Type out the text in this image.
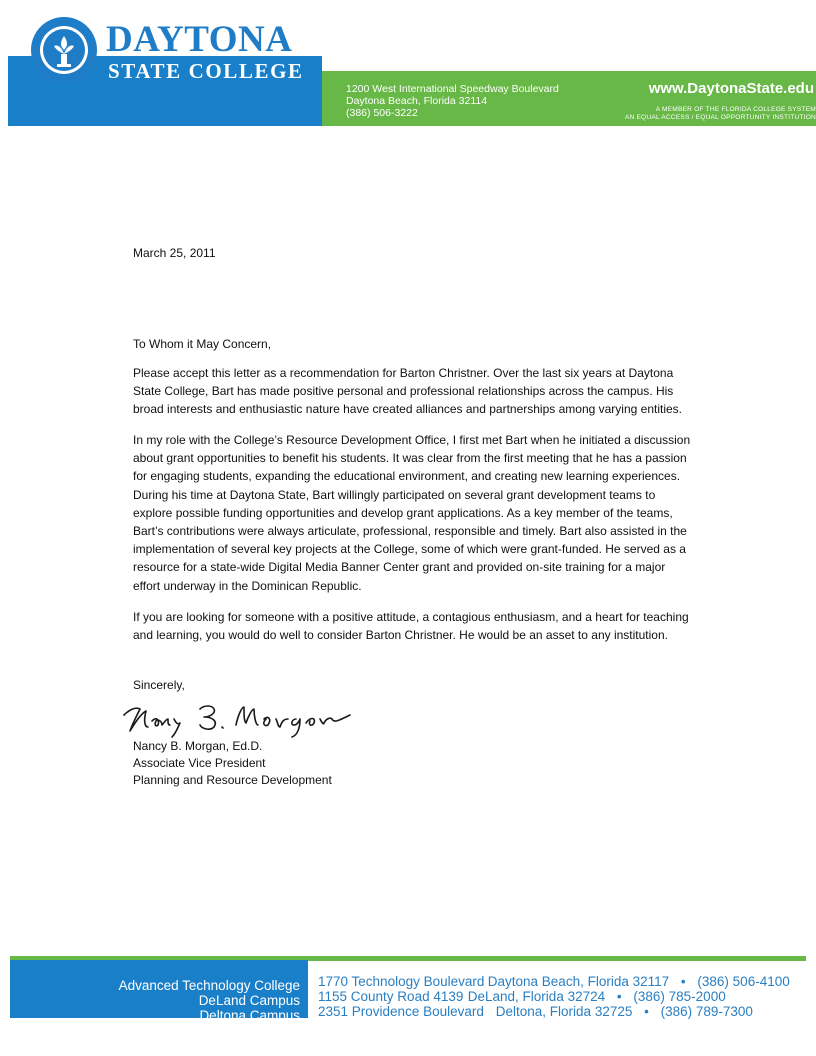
DAYTONA
STATE COLLEGE
1200 West International Speedway Boulevard
Daytona Beach, Florida 32114
(386) 506-3222
www.DaytonaState.edu
A MEMBER OF THE FLORIDA COLLEGE SYSTEM
AN EQUAL ACCESS / EQUAL OPPORTUNITY INSTITUTION
March 25, 2011
To Whom it May Concern,

Please accept this letter as a recommendation for Barton Christner. Over the last six years at Daytona State College, Bart has made positive personal and professional relationships across the campus. His broad interests and enthusiastic nature have created alliances and partnerships among varying entities.

In my role with the College’s Resource Development Office, I first met Bart when he initiated a discussion about grant opportunities to benefit his students. It was clear from the first meeting that he has a passion for engaging students, expanding the educational environment, and creating new learning experiences. During his time at Daytona State, Bart willingly participated on several grant development teams to explore possible funding opportunities and develop grant applications. As a key member of the teams, Bart’s contributions were always articulate, professional, responsible and timely. Bart also assisted in the implementation of several key projects at the College, some of which were grant-funded. He served as a resource for a state-wide Digital Media Banner Center grant and provided on-site training for a major effort underway in the Dominican Republic.

If you are looking for someone with a positive attitude, a contagious enthusiasm, and a heart for teaching and learning, you would do well to consider Barton Christner. He would be an asset to any institution.

Sincerely,
Nancy B. Morgan, Ed.D.
Associate Vice President
Planning and Resource Development
Advanced Technology College
DeLand Campus
Deltona Campus
1770 Technology Boulevard Daytona Beach, Florida 32117 • (386) 506-4100
1155 County Road 4139 DeLand, Florida 32724 • (386) 785-2000
2351 Providence Boulevard Deltona, Florida 32725 • (386) 789-7300
